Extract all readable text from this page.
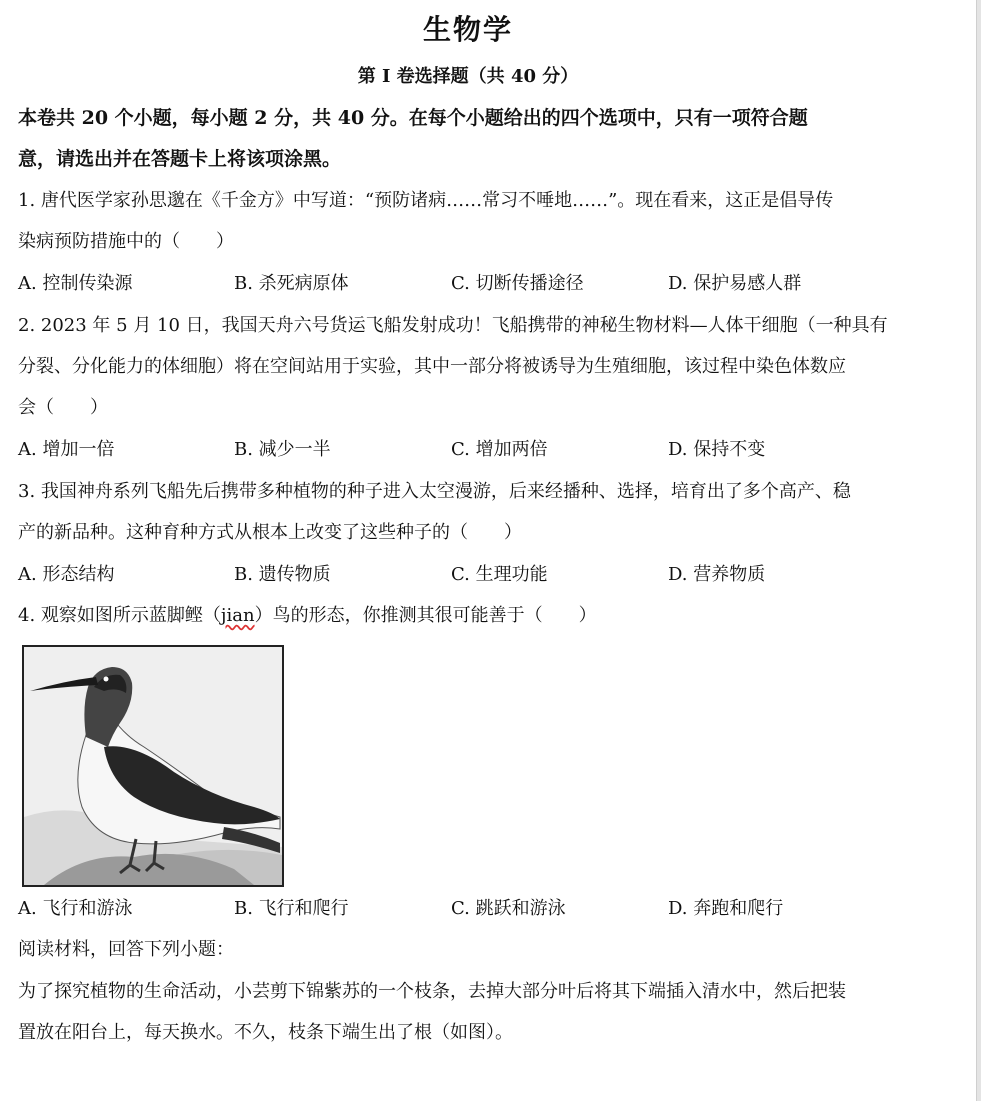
生物学
第 I 卷选择题（共 40 分）
本卷共 20 个小题，每小题 2 分，共 40 分。在每个小题给出的四个选项中，只有一项符合题
意，请选出并在答题卡上将该项涂黑。
1. 唐代医学家孙思邈在《千金方》中写道：“预防诸病……常习不唾地……”。现在看来，这正是倡导传
染病预防措施中的（　　）
A. 控制传染源	B. 杀死病原体	C. 切断传播途径	D. 保护易感人群
2. 2023 年 5 月 10 日，我国天舟六号货运飞船发射成功！飞船携带的神秘生物材料—人体干细胞（一种具有
分裂、分化能力的体细胞）将在空间站用于实验，其中一部分将被诱导为生殖细胞，该过程中染色体数应
会（　　）
A. 增加一倍	B. 减少一半	C. 增加两倍	D. 保持不变
3. 我国神舟系列飞船先后携带多种植物的种子进入太空漫游，后来经播种、选择，培育出了多个高产、稳
产的新品种。这种育种方式从根本上改变了这些种子的（　　）
A. 形态结构	B. 遗传物质	C. 生理功能	D. 营养物质
4. 观察如图所示蓝脚鲣（jian）鸟的形态，你推测其很可能善于（　　）
A. 飞行和游泳	B. 飞行和爬行	C. 跳跃和游泳	D. 奔跑和爬行
阅读材料，回答下列小题：
为了探究植物的生命活动，小芸剪下锦紫苏的一个枝条，去掉大部分叶后将其下端插入清水中，然后把装
置放在阳台上，每天换水。不久，枝条下端生出了根（如图）。
